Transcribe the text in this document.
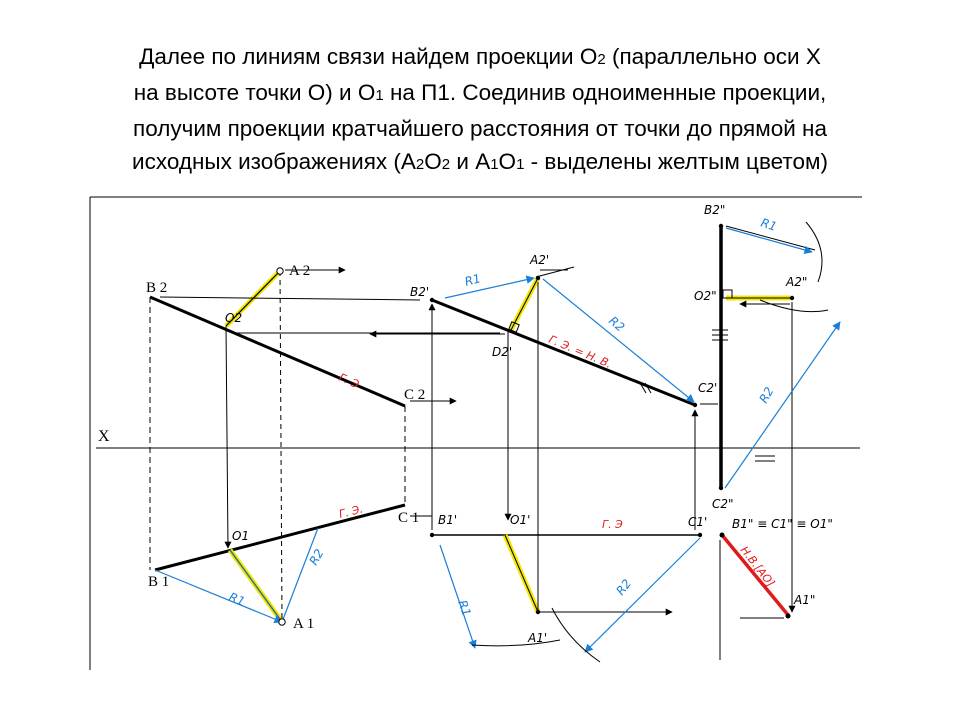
Далее по линиям связи найдем проекции О2 (параллельно оси Х
на высоте точки О) и О1 на П1. Соединив одноименные проекции,
получим проекции кратчайшего расстояния от точки до прямой на
исходных изображениях (А2О2 и А1О1 - выделены желтым цветом)
X
A 2
B 2
O2
C 2
C 1
B 1
A 1
O1
Г. Э
Г. Э.
R1
R2
B2'
A2'
D2'
C2'
R1
R2
Г. Э. = Н. В.
B1'	O1'	C1'
Г. Э
A1'
R1
R2
B2"
O2"
A2"
R1
R2
C2"
B1" ≡ C1" ≡ O1"
Н.В.[AO]
A1"
